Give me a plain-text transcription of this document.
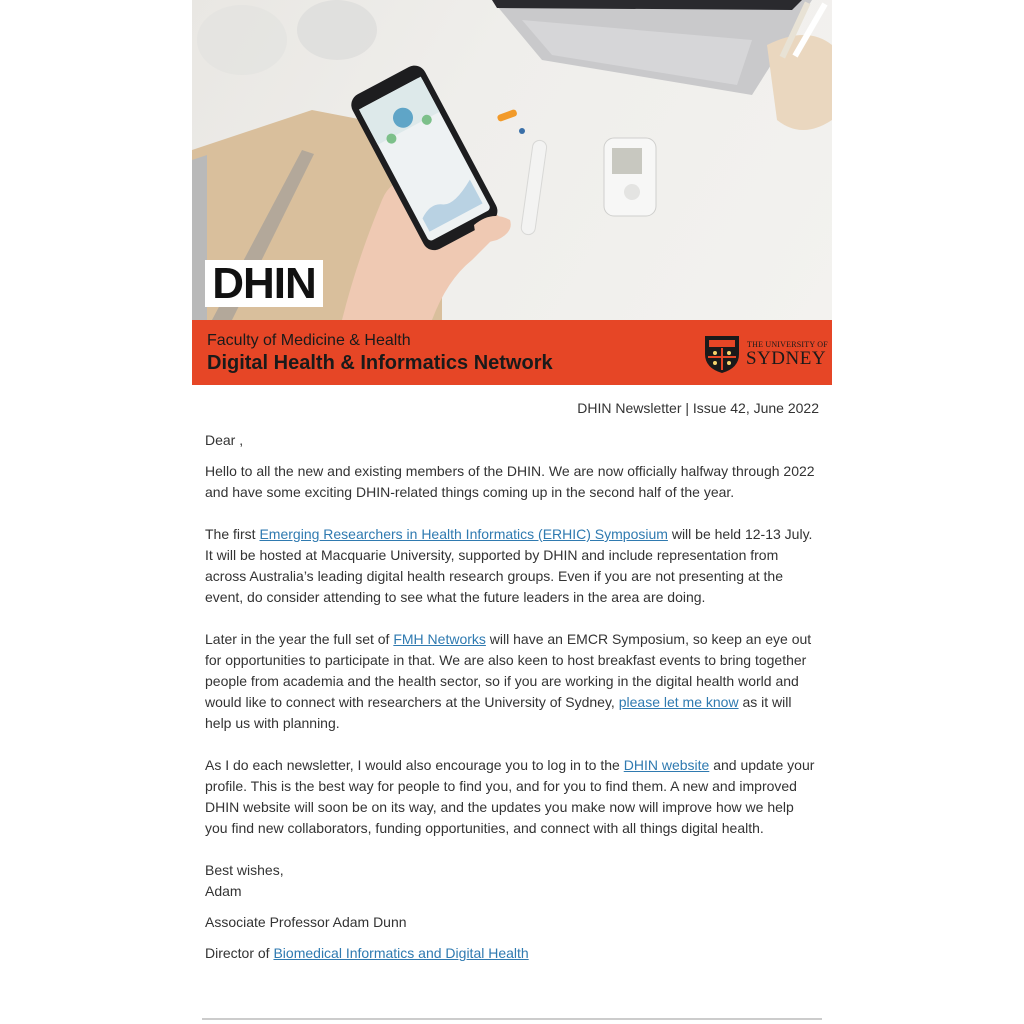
DHIN
Faculty of Medicine & Health
Digital Health & Informatics Network
THE UNIVERSITY OF
SYDNEY
DHIN Newsletter | Issue 42, June 2022

Dear ,

Hello to all the new and existing members of the DHIN. We are now officially halfway through 2022 and have some exciting DHIN-related things coming up in the second half of the year.

The first Emerging Researchers in Health Informatics (ERHIC) Symposium will be held 12-13 July. It will be hosted at Macquarie University, supported by DHIN and include representation from across Australia’s leading digital health research groups. Even if you are not presenting at the event, do consider attending to see what the future leaders in the area are doing.

Later in the year the full set of FMH Networks will have an EMCR Symposium, so keep an eye out for opportunities to participate in that. We are also keen to host breakfast events to bring together people from academia and the health sector, so if you are working in the digital health world and would like to connect with researchers at the University of Sydney, please let me know as it will help us with planning.

As I do each newsletter, I would also encourage you to log in to the DHIN website and update your profile. This is the best way for people to find you, and for you to find them. A new and improved DHIN website will soon be on its way, and the updates you make now will improve how we help you find new collaborators, funding opportunities, and connect with all things digital health.

Best wishes,

Adam

Associate Professor Adam Dunn

Director of Biomedical Informatics and Digital Health
